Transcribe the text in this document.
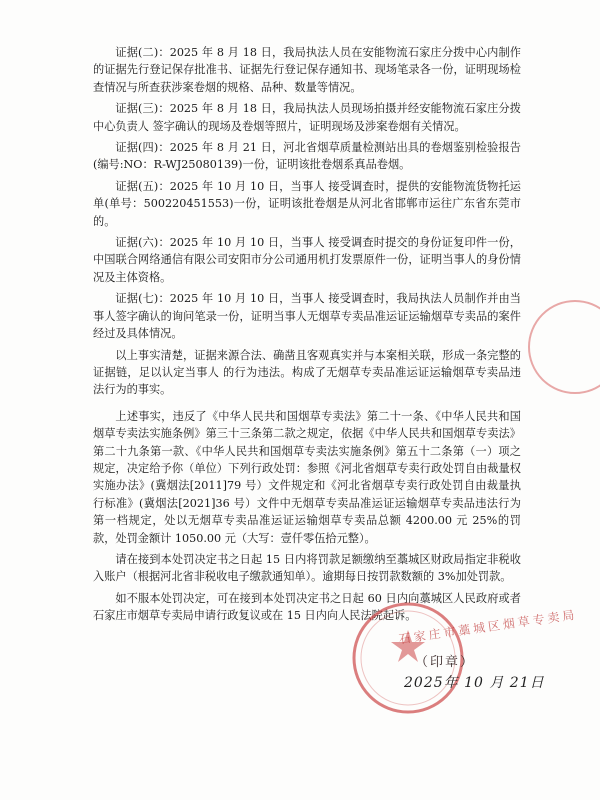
证据(二)：2025 年 8 月 18 日，我局执法人员在安能物流石家庄分拨中心内制作的证据先行登记保存批准书、证据先行登记保存通知书、现场笔录各一份，证明现场检查情况与所查获涉案卷烟的规格、品种、数量等情况。

证据(三)：2025 年 8 月 18 日，我局执法人员现场拍摄并经安能物流石家庄分拨中心负责人 签字确认的现场及卷烟等照片，证明现场及涉案卷烟有关情况。

证据(四)：2025 年 8 月 21 日，河北省烟草质量检测站出具的卷烟鉴别检验报告(编号:NO：R-WJ25080139)一份，证明该批卷烟系真品卷烟。

证据(五)：2025 年 10 月 10 日，当事人 接受调查时，提供的安能物流货物托运单(单号：500220451553)一份，证明该批卷烟是从河北省邯郸市运往广东省东莞市的。

证据(六)：2025 年 10 月 10 日，当事人 接受调查时提交的身份证复印件一份，中国联合网络通信有限公司安阳市分公司通用机打发票原件一份，证明当事人的身份情况及主体资格。

证据(七)：2025 年 10 月 10 日，当事人 接受调查时，我局执法人员制作并由当事人签字确认的询问笔录一份，证明当事人无烟草专卖品准运证运输烟草专卖品的案件经过及具体情况。

以上事实清楚，证据来源合法、确凿且客观真实并与本案相关联，形成一条完整的证据链，足以认定当事人 的行为违法。构成了无烟草专卖品准运证运输烟草专卖品违法行为的事实。

上述事实，违反了《中华人民共和国烟草专卖法》第二十一条、《中华人民共和国烟草专卖法实施条例》第三十三条第二款之规定，依据《中华人民共和国烟草专卖法》第二十九条第一款、《中华人民共和国烟草专卖法实施条例》第五十二条第（一）项之规定，决定给予你（单位）下列行政处罚：参照《河北省烟草专卖行政处罚自由裁量权实施办法》(冀烟法[2011]79 号）文件规定和《河北省烟草专卖行政处罚自由裁量执行标准》(冀烟法[2021]36 号）文件中无烟草专卖品准运证运输烟草专卖品违法行为第一档规定，处以无烟草专卖品准运证运输烟草专卖品总额 4200.00 元 25%的罚款，处罚金额计 1050.00 元（大写：壹仟零伍拾元整）。

请在接到本处罚决定书之日起 15 日内将罚款足额缴纳至藁城区财政局指定非税收入账户（根据河北省非税收电子缴款通知单）。逾期每日按罚款数额的 3%加处罚款。

如不服本处罚决定，可在接到本处罚决定书之日起 60 日内向藁城区人民政府或者石家庄市烟草专卖局申请行政复议或在 15 日内向人民法院起诉。

石家庄市藁城区烟草专卖局
（印章）
2025年 10 月 21日
